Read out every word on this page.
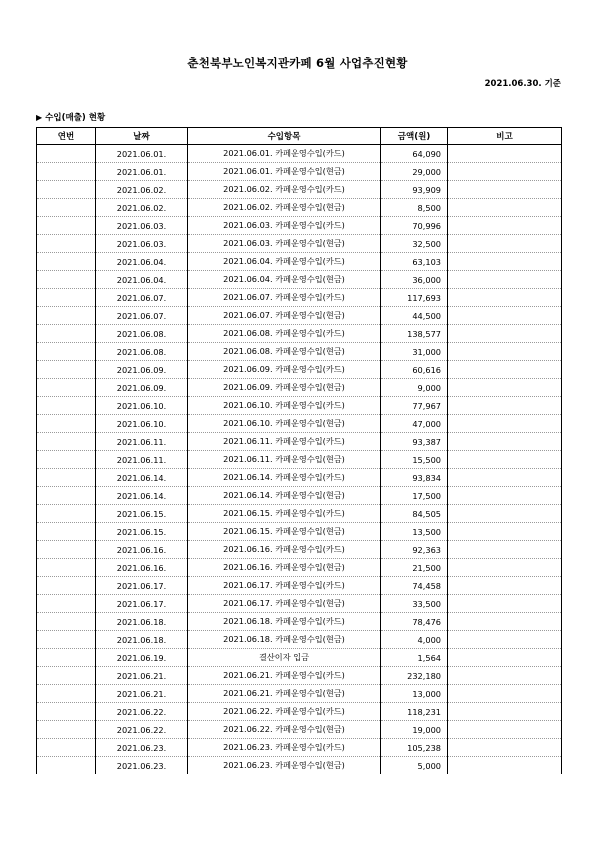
춘천북부노인복지관카페 6월 사업추진현황
2021.06.30. 기준
▶ 수입(매출) 현황
연번	날짜	수입항목	금액(원)	비고
	2021.06.01.	2021.06.01. 카페운영수입(카드)	64,090	
	2021.06.01.	2021.06.01. 카페운영수입(현금)	29,000	
	2021.06.02.	2021.06.02. 카페운영수입(카드)	93,909	
	2021.06.02.	2021.06.02. 카페운영수입(현금)	8,500	
	2021.06.03.	2021.06.03. 카페운영수입(카드)	70,996	
	2021.06.03.	2021.06.03. 카페운영수입(현금)	32,500	
	2021.06.04.	2021.06.04. 카페운영수입(카드)	63,103	
	2021.06.04.	2021.06.04. 카페운영수입(현금)	36,000	
	2021.06.07.	2021.06.07. 카페운영수입(카드)	117,693	
	2021.06.07.	2021.06.07. 카페운영수입(현금)	44,500	
	2021.06.08.	2021.06.08. 카페운영수입(카드)	138,577	
	2021.06.08.	2021.06.08. 카페운영수입(현금)	31,000	
	2021.06.09.	2021.06.09. 카페운영수입(카드)	60,616	
	2021.06.09.	2021.06.09. 카페운영수입(현금)	9,000	
	2021.06.10.	2021.06.10. 카페운영수입(카드)	77,967	
	2021.06.10.	2021.06.10. 카페운영수입(현금)	47,000	
	2021.06.11.	2021.06.11. 카페운영수입(카드)	93,387	
	2021.06.11.	2021.06.11. 카페운영수입(현금)	15,500	
	2021.06.14.	2021.06.14. 카페운영수입(카드)	93,834	
	2021.06.14.	2021.06.14. 카페운영수입(현금)	17,500	
	2021.06.15.	2021.06.15. 카페운영수입(카드)	84,505	
	2021.06.15.	2021.06.15. 카페운영수입(현금)	13,500	
	2021.06.16.	2021.06.16. 카페운영수입(카드)	92,363	
	2021.06.16.	2021.06.16. 카페운영수입(현금)	21,500	
	2021.06.17.	2021.06.17. 카페운영수입(카드)	74,458	
	2021.06.17.	2021.06.17. 카페운영수입(현금)	33,500	
	2021.06.18.	2021.06.18. 카페운영수입(카드)	78,476	
	2021.06.18.	2021.06.18. 카페운영수입(현금)	4,000	
	2021.06.19.	결산이자 입금	1,564	
	2021.06.21.	2021.06.21. 카페운영수입(카드)	232,180	
	2021.06.21.	2021.06.21. 카페운영수입(현금)	13,000	
	2021.06.22.	2021.06.22. 카페운영수입(카드)	118,231	
	2021.06.22.	2021.06.22. 카페운영수입(현금)	19,000	
	2021.06.23.	2021.06.23. 카페운영수입(카드)	105,238	
	2021.06.23.	2021.06.23. 카페운영수입(현금)	5,000	
